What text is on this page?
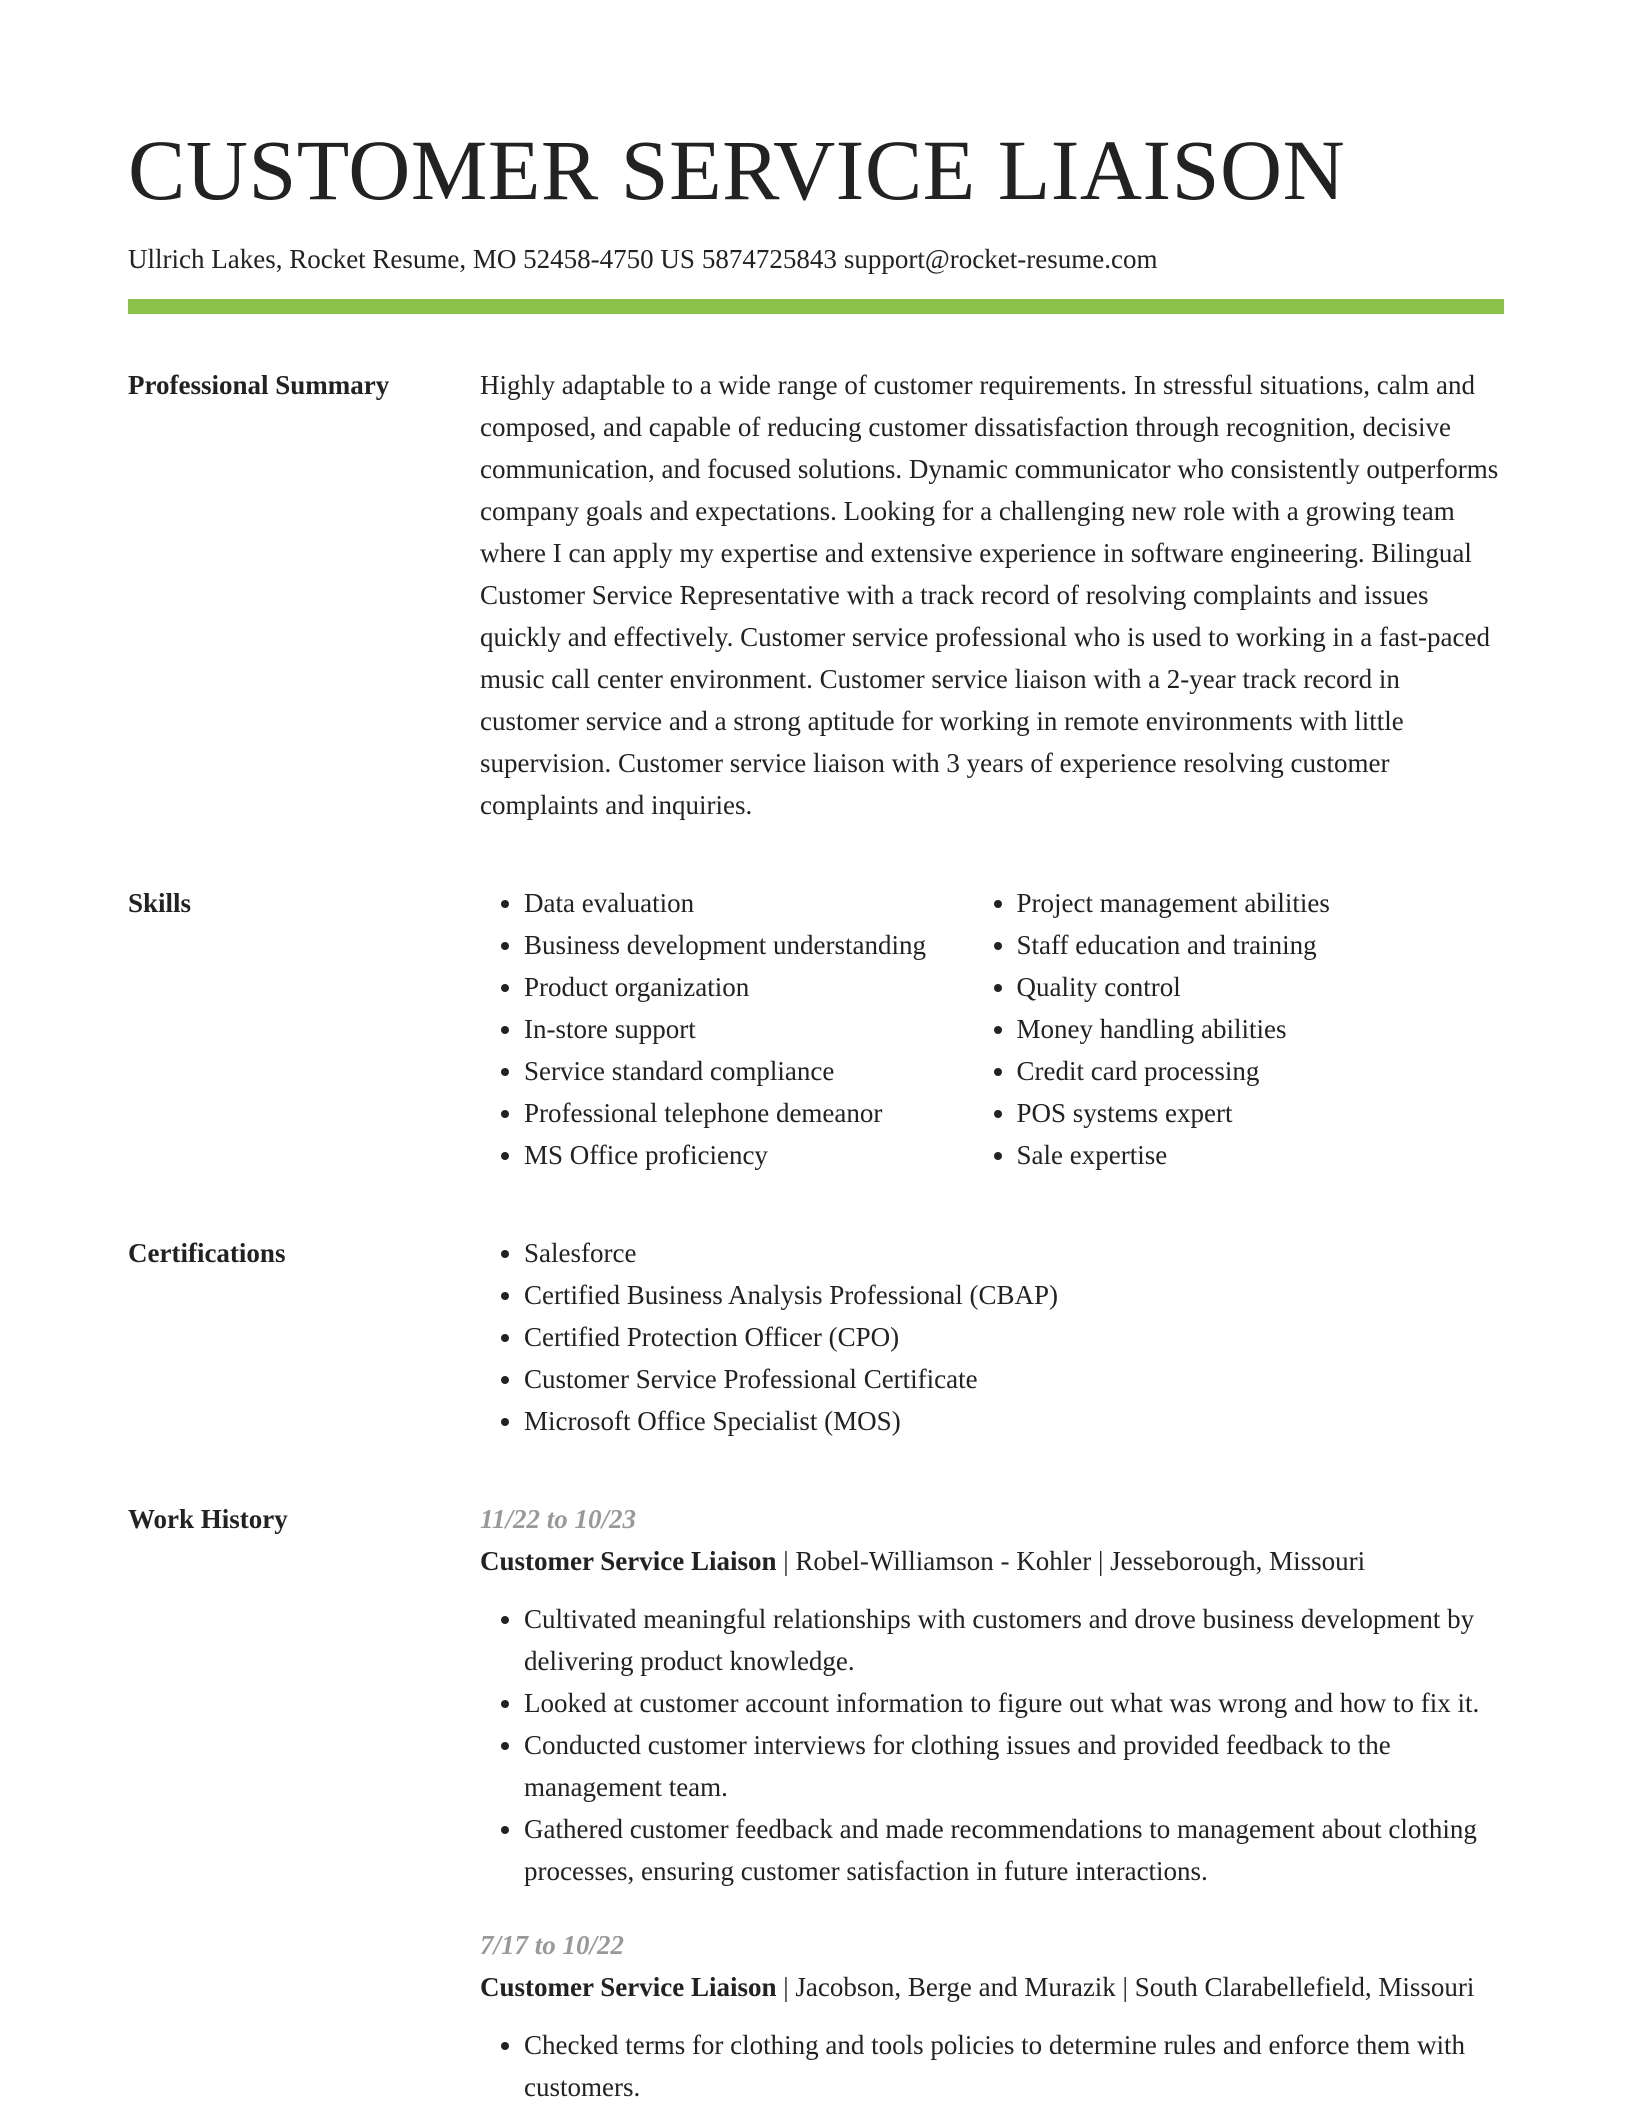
CUSTOMER SERVICE LIAISON
Ullrich Lakes, Rocket Resume, MO 52458-4750 US 5874725843 support@rocket-resume.com
Professional Summary	Highly adaptable to a wide range of customer requirements. In stressful situations, calm and composed, and capable of reducing customer dissatisfaction through recognition, decisive communication, and focused solutions. Dynamic communicator who consistently outperforms company goals and expectations. Looking for a challenging new role with a growing team where I can apply my expertise and extensive experience in software engineering. Bilingual Customer Service Representative with a track record of resolving complaints and issues quickly and effectively. Customer service professional who is used to working in a fast-paced music call center environment. Customer service liaison with a 2-year track record in customer service and a strong aptitude for working in remote environments with little supervision. Customer service liaison with 3 years of experience resolving customer complaints and inquiries.

Skills	• Data evaluation
• Business development understanding
• Product organization
• In-store support
• Service standard compliance
• Professional telephone demeanor
• MS Office proficiency
• Project management abilities
• Staff education and training
• Quality control
• Money handling abilities
• Credit card processing
• POS systems expert
• Sale expertise
Certifications	• Salesforce
• Certified Business Analysis Professional (CBAP)
• Certified Protection Officer (CPO)
• Customer Service Professional Certificate
• Microsoft Office Specialist (MOS)
Work History	11/22 to 10/23
Customer Service Liaison | Robel-Williamson - Kohler | Jesseborough, Missouri
• Cultivated meaningful relationships with customers and drove business development by delivering product knowledge.
• Looked at customer account information to figure out what was wrong and how to fix it.
• Conducted customer interviews for clothing issues and provided feedback to the management team.
• Gathered customer feedback and made recommendations to management about clothing processes, ensuring customer satisfaction in future interactions.
7/17 to 10/22
Customer Service Liaison | Jacobson, Berge and Murazik | South Clarabellefield, Missouri
• Checked terms for clothing and tools policies to determine rules and enforce them with customers.
